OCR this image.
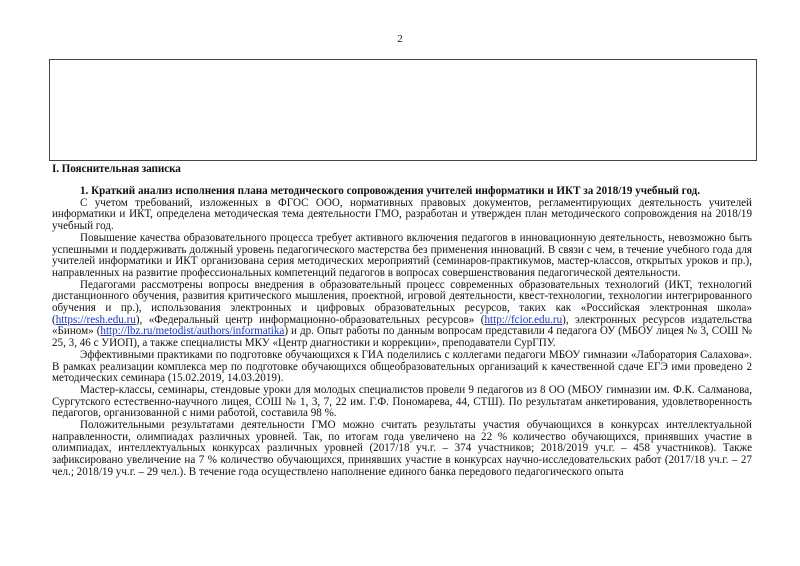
2
I. Пояснительная записка

1. Краткий анализ исполнения плана методического сопровождения учителей информатики и ИКТ за 2018/19 учебный год.

С учетом требований, изложенных в ФГОС ООО, нормативных правовых документов, регламентирующих деятельность учителей информатики и ИКТ, определена методическая тема деятельности ГМО, разработан и утвержден план методического сопровождения на 2018/19 учебный год.

Повышение качества образовательного процесса требует активного включения педагогов в инновационную деятельность, невозможно быть успешными и поддерживать должный уровень педагогического мастерства без применения инноваций. В связи с чем, в течение учебного года для учителей информатики и ИКТ организована серия методических мероприятий (семинаров-практикумов, мастер-классов, открытых уроков и пр.), направленных на развитие профессиональных компетенций педагогов в вопросах совершенствования педагогической деятельности.

Педагогами рассмотрены вопросы внедрения в образовательный процесс современных образовательных технологий (ИКТ, технологий дистанционного обучения, развития критического мышления, проектной, игровой деятельности, квест-технологии, технологии интегрированного обучения и пр.), использования электронных и цифровых образовательных ресурсов, таких как «Российская электронная школа» (https://resh.edu.ru), «Федеральный центр информационно-образовательных ресурсов» (http://fcior.edu.ru), электронных ресурсов издательства «Бином» (http://lbz.ru/metodist/authors/informatika) и др. Опыт работы по данным вопросам представили 4 педагога ОУ (МБОУ лицея № 3, СОШ № 25, 3, 46 с УИОП), а также специалисты МКУ «Центр диагностики и коррекции», преподаватели СурГПУ.

Эффективными практиками по подготовке обучающихся к ГИА поделились с коллегами педагоги МБОУ гимназии «Лаборатория Салахова». В рамках реализации комплекса мер по подготовке обучающихся общеобразовательных организаций к качественной сдаче ЕГЭ ими проведено 2 методических семинара (15.02.2019, 14.03.2019).

Мастер-классы, семинары, стендовые уроки для молодых специалистов провели 9 педагогов из 8 ОО (МБОУ гимназии им. Ф.К. Салманова, Сургутского естественно-научного лицея, СОШ № 1, 3, 7, 22 им. Г.Ф. Пономарева, 44, СТШ). По результатам анкетирования, удовлетворенность педагогов, организованной с ними работой, составила 98 %.

Положительными результатами деятельности ГМО можно считать результаты участия обучающихся в конкурсах интеллектуальной направленности, олимпиадах различных уровней. Так, по итогам года увеличено на 22 % количество обучающихся, принявших участие в олимпиадах, интеллектуальных конкурсах различных уровней (2017/18 уч.г. – 374 участников; 2018/2019 уч.г. – 458 участников). Также зафиксировано увеличение на 7 % количество обучающихся, принявших участие в конкурсах научно-исследовательских работ (2017/18 уч.г. – 27 чел.; 2018/19 уч.г. – 29 чел.). В течение года осуществлено наполнение единого банка передового педагогического опыта
